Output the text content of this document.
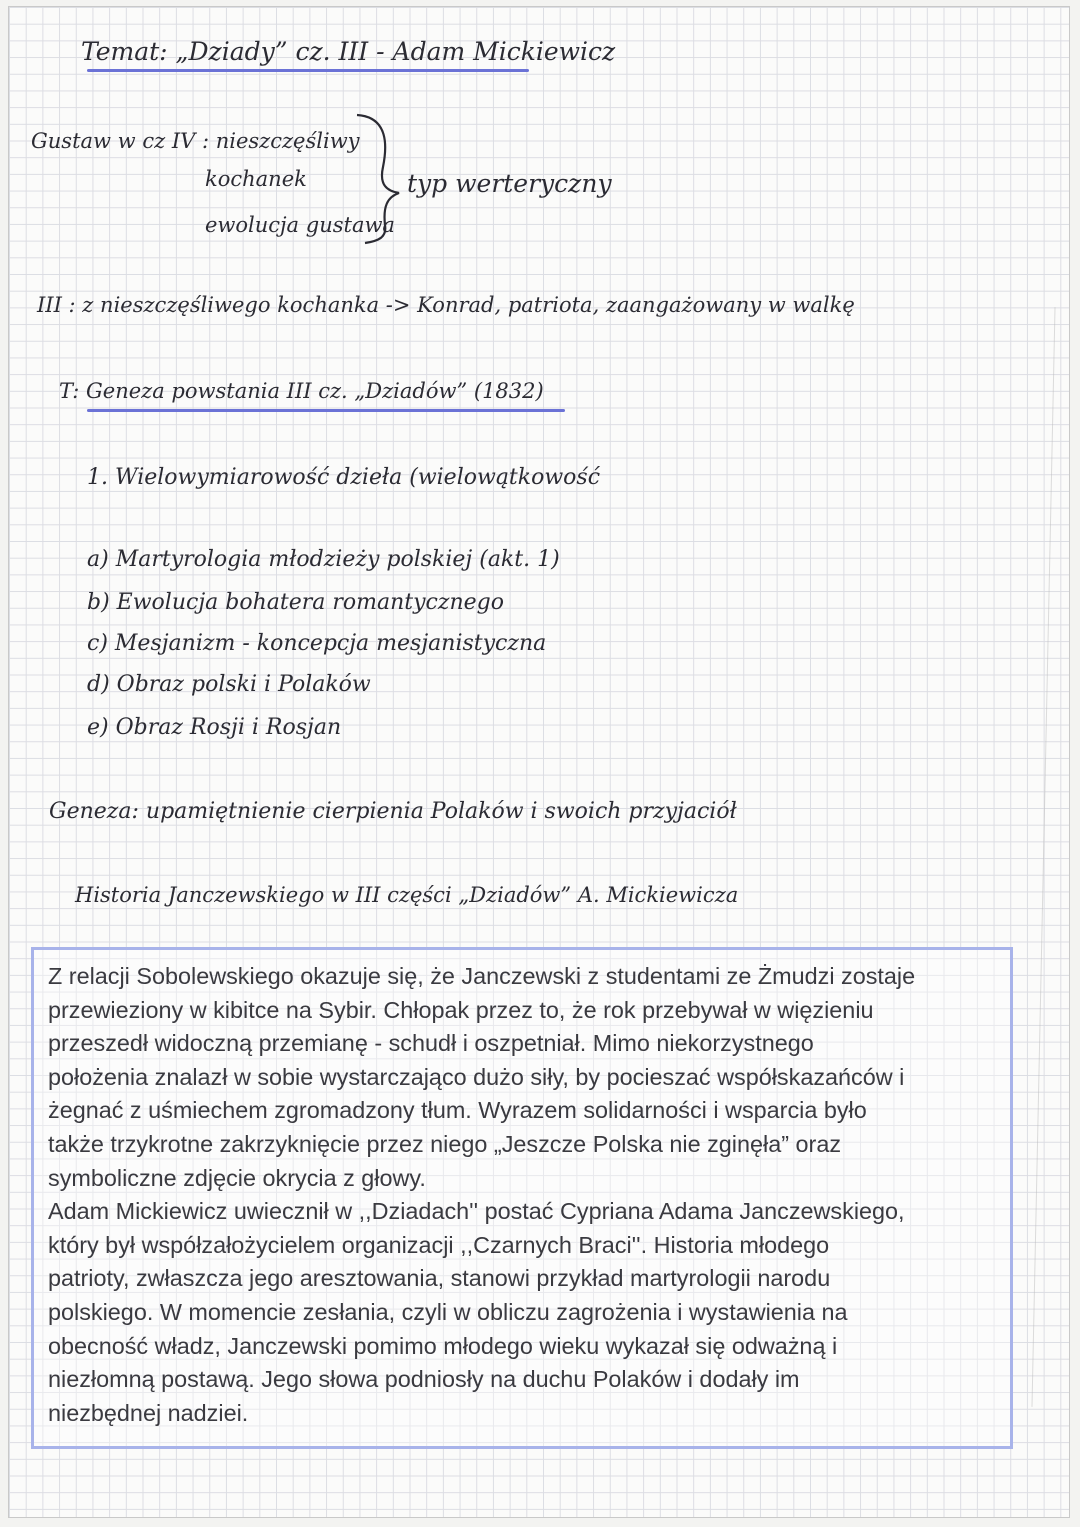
Temat: „Dziady” cz. III - Adam Mickiewicz

Gustaw w cz IV : nieszczęśliwy

kochanek

ewolucja gustawa

typ werteryczny

III : z nieszczęśliwego kochanka -> Konrad, patriota, zaangażowany w walkę

T: Geneza powstania III cz. „Dziadów” (1832)

1. Wielowymiarowość dzieła (wielowątkowość

a) Martyrologia młodzieży polskiej (akt. 1)

b) Ewolucja bohatera romantycznego

c) Mesjanizm - koncepcja mesjanistyczna

d) Obraz polski i Polaków

e) Obraz Rosji i Rosjan

Geneza: upamiętnienie cierpienia Polaków i swoich przyjaciół

Historia Janczewskiego w III części „Dziadów” A. Mickiewicza

Z relacji Sobolewskiego okazuje się, że Janczewski z studentami ze Żmudzi zostaje
przewieziony w kibitce na Sybir. Chłopak przez to, że rok przebywał w więzieniu
przeszedł widoczną przemianę - schudł i oszpetniał. Mimo niekorzystnego
położenia znalazł w sobie wystarczająco dużo siły, by pocieszać współskazańców i
żegnać z uśmiechem zgromadzony tłum. Wyrazem solidarności i wsparcia było
także trzykrotne zakrzyknięcie przez niego „Jeszcze Polska nie zginęła” oraz
symboliczne zdjęcie okrycia z głowy.
Adam Mickiewicz uwiecznił w ,,Dziadach'' postać Cypriana Adama Janczewskiego,
który był współzałożycielem organizacji ,,Czarnych Braci''. Historia młodego
patrioty, zwłaszcza jego aresztowania, stanowi przykład martyrologii narodu
polskiego. W momencie zesłania, czyli w obliczu zagrożenia i wystawienia na
obecność władz, Janczewski pomimo młodego wieku wykazał się odważną i
niezłomną postawą. Jego słowa podniosły na duchu Polaków i dodały im
niezbędnej nadziei.
